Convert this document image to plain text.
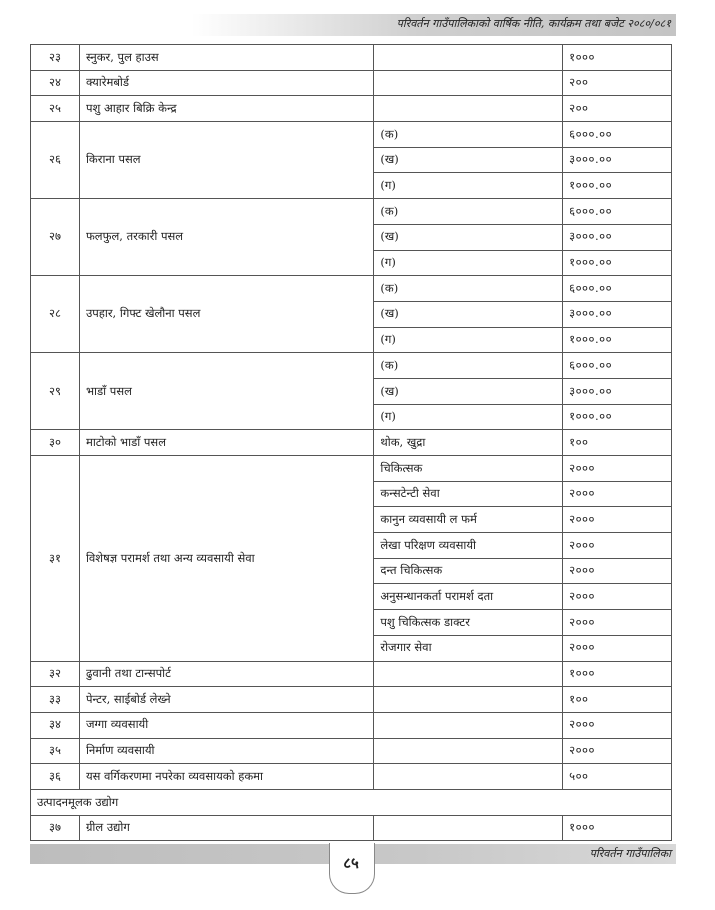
परिवर्तन गाउँपालिकाको वार्षिक नीति, कार्यक्रम तथा बजेट २०८०/०८१
२३	स्नुकर, पुल हाउस		१०००
२४	क्यारेमबोर्ड		२००
२५	पशु आहार बिक्रि केन्द्र		२००
२६	किराना पसल	(क)	६०००.००
		(ख)	३०००.००
		(ग)	१०००.००
२७	फलफुल, तरकारी पसल	(क)	६०००.००
		(ख)	३०००.००
		(ग)	१०००.००
२८	उपहार, गिफ्ट खेलौना पसल	(क)	६०००.००
		(ख)	३०००.००
		(ग)	१०००.००
२९	भाडाँ पसल	(क)	६०००.००
		(ख)	३०००.००
		(ग)	१०००.००
३०	माटोको भाडाँ पसल	थोक, खुद्रा	१००
३१	विशेषज्ञ परामर्श तथा अन्य व्यवसायी सेवा	चिकित्सक	२०००
		कन्सटेन्टी सेवा	२०००
		कानुन व्यवसायी ल फर्म	२०००
		लेखा परिक्षण व्यवसायी	२०००
		दन्त चिकित्सक	२०००
		अनुसन्धानकर्ता परामर्श दता	२०००
		पशु चिकित्सक डाक्टर	२०००
		रोजगार सेवा	२०००
३२	ढुवानी तथा टान्सपोर्ट		१०००
३३	पेन्टर, साईबोर्ड लेख्ने		१००
३४	जग्गा व्यवसायी		२०००
३५	निर्माण व्यवसायी		२०००
३६	यस वर्गिकरणमा नपरेका व्यवसायको हकमा		५००
उत्पादनमूलक उद्योग			
३७	ग्रील उद्योग		१०००
परिवर्तन गाउँपालिका
८५
